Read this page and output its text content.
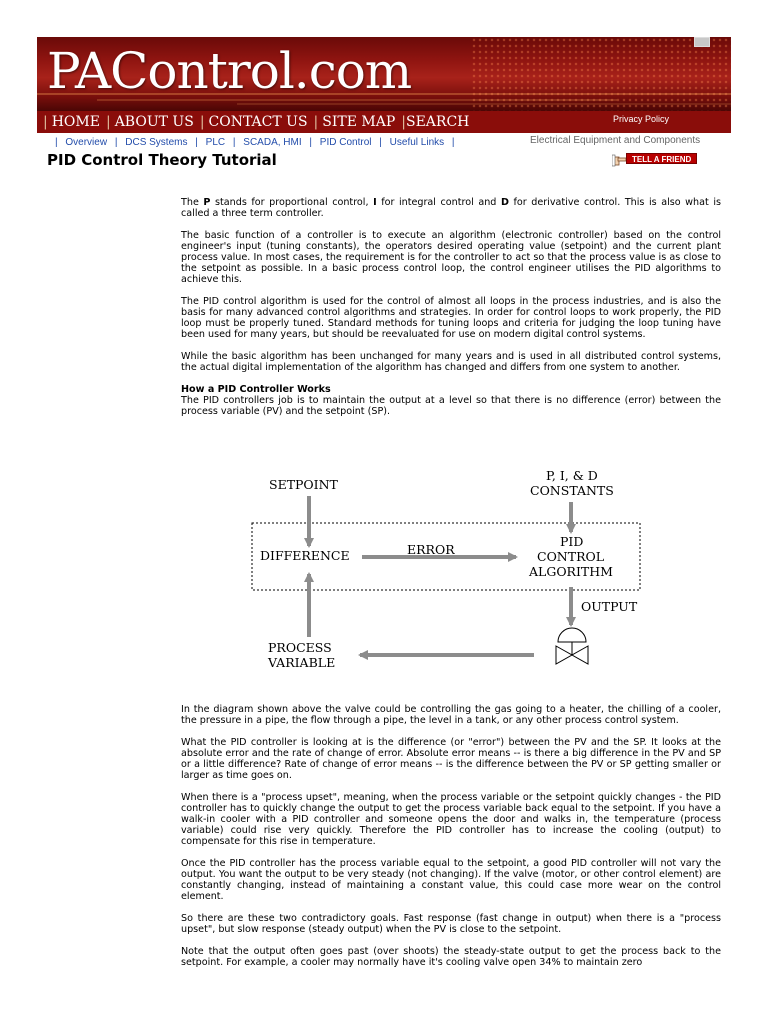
PAControl.com
| HOME | ABOUT US | CONTACT US | SITE MAP | SEARCH	Privacy Policy
| Overview | DCS Systems | PLC | SCADA, HMI | PID Control | Useful Links |	Electrical Equipment and Components
PID Control Theory Tutorial	TELL A FRIEND

The P stands for proportional control, I for integral control and D for derivative control. This is also what is called a three term controller.

The basic function of a controller is to execute an algorithm (electronic controller) based on the control engineer's input (tuning constants), the operators desired operating value (setpoint) and the current plant process value. In most cases, the requirement is for the controller to act so that the process value is as close to the setpoint as possible. In a basic process control loop, the control engineer utilises the PID algorithms to achieve this.

The PID control algorithm is used for the control of almost all loops in the process industries, and is also the basis for many advanced control algorithms and strategies. In order for control loops to work properly, the PID loop must be properly tuned. Standard methods for tuning loops and criteria for judging the loop tuning have been used for many years, but should be reevaluated for use on modern digital control systems.

While the basic algorithm has been unchanged for many years and is used in all distributed control systems, the actual digital implementation of the algorithm has changed and differs from one system to another.

How a PID Controller Works

The PID controllers job is to maintain the output at a level so that there is no difference (error) between the process variable (PV) and the setpoint (SP).

SETPOINT
P, I, & D
CONSTANTS
DIFFERENCE	ERROR
PID
CONTROL
ALGORITHM
OUTPUT
PROCESS
VARIABLE

In the diagram shown above the valve could be controlling the gas going to a heater, the chilling of a cooler, the pressure in a pipe, the flow through a pipe, the level in a tank, or any other process control system.

What the PID controller is looking at is the difference (or "error") between the PV and the SP. It looks at the absolute error and the rate of change of error. Absolute error means -- is there a big difference in the PV and SP or a little difference? Rate of change of error means -- is the difference between the PV or SP getting smaller or larger as time goes on.

When there is a "process upset", meaning, when the process variable or the setpoint quickly changes - the PID controller has to quickly change the output to get the process variable back equal to the setpoint. If you have a walk-in cooler with a PID controller and someone opens the door and walks in, the temperature (process variable) could rise very quickly. Therefore the PID controller has to increase the cooling (output) to compensate for this rise in temperature.

Once the PID controller has the process variable equal to the setpoint, a good PID controller will not vary the output. You want the output to be very steady (not changing). If the valve (motor, or other control element) are constantly changing, instead of maintaining a constant value, this could case more wear on the control element.

So there are these two contradictory goals. Fast response (fast change in output) when there is a "process upset", but slow response (steady output) when the PV is close to the setpoint.

Note that the output often goes past (over shoots) the steady-state output to get the process back to the setpoint. For example, a cooler may normally have it's cooling valve open 34% to maintain zero
